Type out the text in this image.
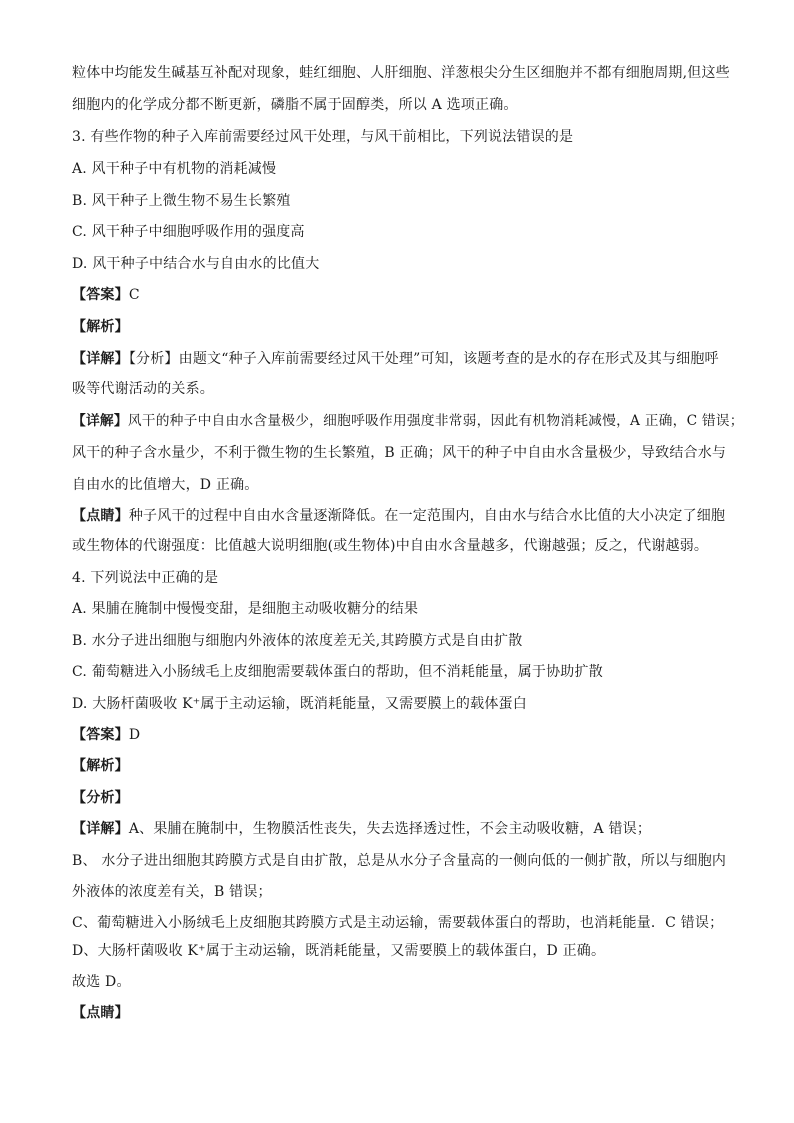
粒体中均能发生碱基互补配对现象，蛙红细胞、人肝细胞、洋葱根尖分生区细胞并不都有细胞周期,但这些
细胞内的化学成分都不断更新，磷脂不属于固醇类，所以 A 选项正确。
3. 有些作物的种子入库前需要经过风干处理，与风干前相比，下列说法错误的是
A. 风干种子中有机物的消耗减慢
B. 风干种子上微生物不易生长繁殖
C. 风干种子中细胞呼吸作用的强度高
D. 风干种子中结合水与自由水的比值大
【答案】C
【解析】
【详解】【分析】由题文“种子入库前需要经过风干处理”可知，该题考查的是水的存在形式及其与细胞呼
吸等代谢活动的关系。
【详解】风干的种子中自由水含量极少，细胞呼吸作用强度非常弱，因此有机物消耗减慢，A 正确，C 错误；
风干的种子含水量少，不利于微生物的生长繁殖，B 正确；风干的种子中自由水含量极少，导致结合水与
自由水的比值增大，D 正确。
【点睛】种子风干的过程中自由水含量逐渐降低。在一定范围内，自由水与结合水比值的大小决定了细胞
或生物体的代谢强度：比值越大说明细胞(或生物体)中自由水含量越多，代谢越强；反之，代谢越弱。
4. 下列说法中正确的是
A. 果脯在腌制中慢慢变甜，是细胞主动吸收糖分的结果
B. 水分子进出细胞与细胞内外液体的浓度差无关,其跨膜方式是自由扩散
C. 葡萄糖进入小肠绒毛上皮细胞需要载体蛋白的帮助，但不消耗能量，属于协助扩散
D. 大肠杆菌吸收 K⁺属于主动运输，既消耗能量，又需要膜上的载体蛋白
【答案】D
【解析】
【分析】
【详解】A、果脯在腌制中，生物膜活性丧失，失去选择透过性，不会主动吸收糖，A 错误；
B、 水分子进出细胞其跨膜方式是自由扩散，总是从水分子含量高的一侧向低的一侧扩散，所以与细胞内
外液体的浓度差有关，B 错误；
C、葡萄糖进入小肠绒毛上皮细胞其跨膜方式是主动运输，需要载体蛋白的帮助，也消耗能量．C 错误；
D、大肠杆菌吸收 K⁺属于主动运输，既消耗能量，又需要膜上的载体蛋白，D 正确。
故选 D。
【点睛】
